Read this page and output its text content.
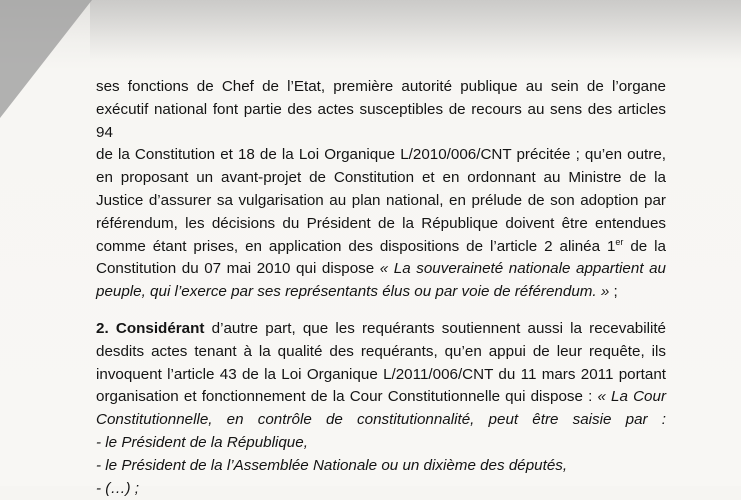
ses fonctions de Chef de l’Etat, première autorité publique au sein de l’organe

exécutif national font partie des actes susceptibles de recours au sens des articles 94

de la Constitution et 18 de la Loi Organique L/2010/006/CNT précitée ; qu’en outre,

en proposant un avant-projet de Constitution et en ordonnant au Ministre de la

Justice d’assurer sa vulgarisation au plan national, en prélude de son adoption par

référendum, les décisions du Président de la République doivent être entendues

comme étant prises, en application des dispositions de l’article 2 alinéa 1er de la

Constitution du 07 mai 2010 qui dispose « La souveraineté nationale appartient au

peuple, qui l’exerce par ses représentants élus ou par voie de référendum. » ;

2. Considérant d’autre part, que les requérants soutiennent aussi la recevabilité

desdits actes tenant à la qualité des requérants, qu’en appui de leur requête, ils

invoquent l’article 43 de la Loi Organique L/2011/006/CNT du 11 mars 2011 portant

organisation et fonctionnement de la Cour Constitutionnelle qui dispose : « La Cour

Constitutionnelle, en contrôle de constitutionnalité, peut être saisie par :

- le Président de la République,

- le Président de la l’Assemblée Nationale ou un dixième des députés,

- (…) ;
